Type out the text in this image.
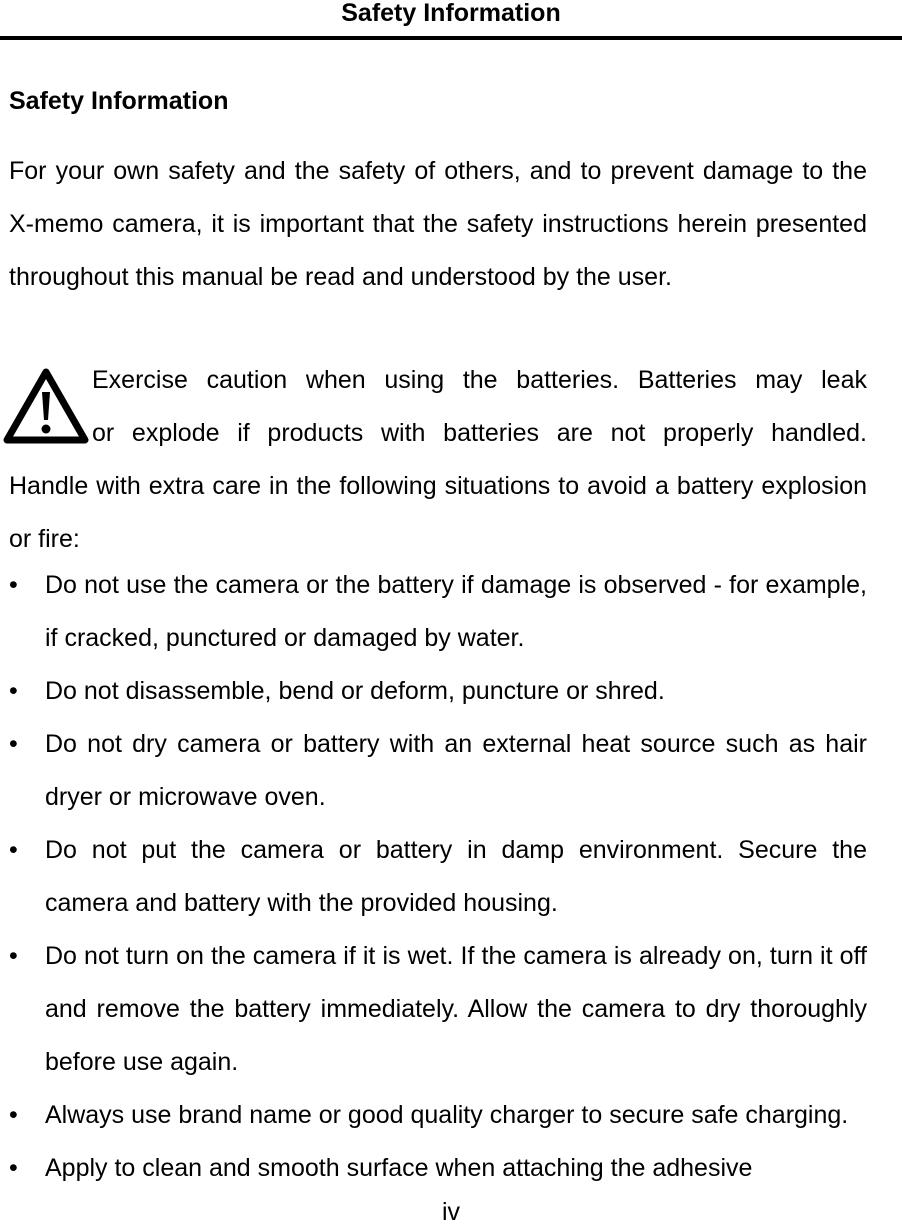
Safety Information
Safety Information
For your own safety and the safety of others, and to prevent damage to the X-memo camera, it is important that the safety instructions herein presented throughout this manual be read and understood by the user.
Exercise caution when using the batteries. Batteries may leak
or explode if products with batteries are not properly handled.
Handle with extra care in the following situations to avoid a battery explosion or fire:
• Do not use the camera or the battery if damage is observed - for example, if cracked, punctured or damaged by water.
• Do not disassemble, bend or deform, puncture or shred.
• Do not dry camera or battery with an external heat source such as hair dryer or microwave oven.
• Do not put the camera or battery in damp environment. Secure the camera and battery with the provided housing.
• Do not turn on the camera if it is wet. If the camera is already on, turn it off and remove the battery immediately. Allow the camera to dry thoroughly before use again.
• Always use brand name or good quality charger to secure safe charging.
• Apply to clean and smooth surface when attaching the adhesive
iv
